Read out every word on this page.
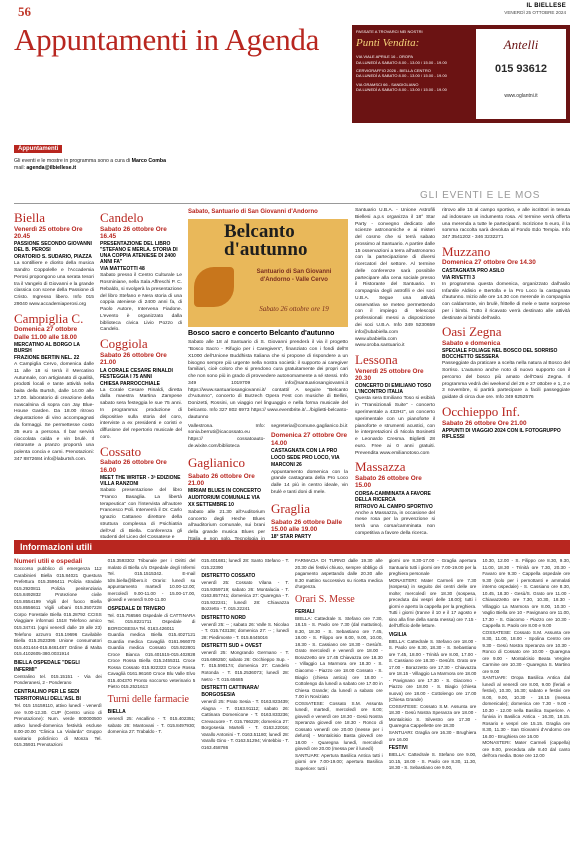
56	IL BIELLESE
VENERDÌ 25 OTTOBRE 2024
Appuntamenti in Agenda	PASSATE A TROVARCI NEI NOSTRI
Punti Vendita:
VIA VIALE APRILE 16 - OROPA
DA LUNEDÌ A SABATO 8.00 - 13.00 / 15.00 - 19.00
CERVIGRAFFIO 2026 - BIELLA CENTRO
DA LUNEDÌ A SABATO 8.00 - 13.00 / 15.00 - 19.00
VIA GRAMSCI 66 - SANDIGLIANO
DA LUNEDÌ A SABATO 8.00 - 13.00 / 15.00 - 19.00
Antelli
015 93612
www.oglantni.it
Appuntamenti
Gli eventi e le mostre in programma sono a cura di Marco Comba
mail: agenda@ilbiellese.it
GLI EVENTI E LE MOS
Biella
Venerdì 25 ottobre Ore 20.45
PASSIONE SECONDO GIOVANNI DEL B. PEROSI
ORATORIO S. SUDARIO, PIAZZA

La sontilliere e diorito della musica Sandro Coppolelle e l'Accademia Perosi propongono una serata tesori tra il Vangelo di Giovanni e la grande classica con scene della Passione di Cristo. Ingresso libero. Info 015 29040 www.accademiaperosi.org

Campiglia C.
Domenica 27 ottobre Dalle 11.00 alle 18.00
MERCATINO AL BORGO LA BURSH
FRAZIONE BERTIN NEL. 22

A Campiglia Cervo, domenica dalle 11 alle 18 si terrà il Mercatino Autunnale, con artigianato di qualità, prodotti locali e tante attività nella baita della Burtsh, dalle 14.00 alle 17.00. laboratorio di creazione della mascalnina di sopra con Jay Blue-House Garden. Da 18.00 ritrovo degustazione di vino accompagnati da formaggi. Se permettesse costo 35 euro a persona. Il bar servirà cioccolata calda e vin brulè. Il ristorante a pranzo proporrà una polenta concia e carni. Prenotazioni: 347 8872684 info@laburtsh.com.

Candelo
Sabato 26 ottobre Ore 16.45
PRESENTAZIONE DEL LIBRO "STEFANO E MERLA. STORIA DI UNA COPPIA ATENIESE DI 2400 ANNI FA"
VIA MATTEOTTI 48

Sabato presso il Centro Culturale Le Rosminiane, nella Sala Affreschi P. C. Rebaldo, si svolgerà la presentazione del libro Stefano e Nera storia di una coppia ateniese di 2400 anni fa, di Paolo Autore, Intervena Fiadone. L'evento è organizzato dalla biblioteca civica Livio Pozzo di Candelo.

Coggiola
Sabato 26 ottobre Ore 21.00
LA CORALE CESARE RINALDI FESTEGGIA I 75 ANNI
CHIESA PARROCCHIALE

La Corale Cesare Rinaldi, diretta dalla maestra Martina Zampese sabato sera festeggia le sue 75 anni. In programma: produzione di dispositive sulla storia del coro, interviste a ex presidenti e coristi e diffusione del repertorio musicale del coro.

Cossato
Sabato 26 ottobre Ore 16.00
MEET THE WRITER - 3ª EDIZIONE VILLA RANZONI

Sabato presentazione del libro "Franco Basaglia. La libertà terapeutica" con l'intervista all'autore Francesco Poli. Interverrà il Dr. Carlo Ignazio Cattaneo direttore della struttura complessa di Psichiatria dell'Asl di Biella. Conferenza gli studenti del Liceo del Cossatese e

Sabato, Santuario di San Giovanni d'Andorno
Belcanto d'autunno
Santuario di San Giovanni d'Andorno - Valle Cervo
Sabato 26 ottobre ore 19
Bosco sacro e concerto Belcanto d'autunno

Sabato alle 18 al Santuario di S. Giovanni prenderà il via il progetto "Bosco Sacro - Rifugio per i Caregivers", finanziato con i fondi dell'8 X1000 dell'Unione Buddhista Italiana che si propone di rispondere a un bisogno sempre più urgente nella nostra società: il supporto ai caregiver familiari, cioè coloro che si prendono cura gratuitamente dei propri cari che non sono più in grado di provvedere autonomamente a sé stessi. Info 349 1019709 info@santuariosangiovanni.it https://www.santuariosangiovanni.it/ contatti/ A seguire "Belcanto d'Autunno", concerto di Burzech Opera Fest con musiche di Bellini, Donizetti, Rossini, un viaggio nel linguaggio e nella forma musicale del belcanto. Info 327 802 6973 https:// www.eventbrite.it/.../biglietti-belcanto-dautunno

Vallestrona. Info: sonia.berruti@icacossato.eu https:// cossatoauto-de.wixite.com/biblioteca

Gaglianico
Sabato 26 ottobre Ore 21.00
MIRIAM BLUES IN CONCERTO AUDITORIUM COMUNALE VIA XX SETTEMBRE 10

Sabato alle 21.30 all'Auditorium concerto degli Heche Blues all'auditorium comunale, sui brani della grande musica Blues per

segreteria@comune.gaglianico.bi.it

Domenica 27 ottobre Ore 14.00
CASTAGNATA CON LA PRO LOCO SEDE PRO LOCO, VIA MARCONI 26

Appuntamento domenica con la grande castagnata della Pro Loco dalle 14 più in centro ideale, vin brulè e tanti doni di mele.

Graglia
Sabato 26 ottobre Dalle 15.00 alle 19.00
18° STAR PARTY

Santuario U.B.A. - Unione Astrofili Biellesi a.p.s organizza il 18° Star Party - convegno dedicato alle scienze astronomiche e ai misteri del cosmo che si terrà sabato prossimo al Santuario. A partire dalle 15 osservazioni a terra all'astronomo con la partecipazione di diversi ricercatori del settore. Al termine delle conferenze sarà possibile partecipare alla cena sociale presso il Ristorante del Santuario. In compagnia degli astrofili e dei soci U.B.A. Segue una attività osservativa se meteo permettendo con il impiego di telescopi professionali messi a disposizione dei soci U.B.A. Info 349 5230659 info@ubabiella.com www.ubabiella.com www.oroba.santuario.it

Lessona
Venerdì 25 ottobre Ore 20.30
CONCERTO DI EMILIANO TOSO L'INCONTRO ITALIA

Questa sera Emiliano Toso si esibirà in "Transizionali Suite" - concerto sperimentale a 432Hz", un concerto sperimentale con un pianoforte il pianoforte e strumenti acustici, con le interpretazioni di Nicola Bosinetti e Leonardo Cresma. Biglietti 28 euro. Free ai 0 anni gratuiti. Prevendita www.emilianotoso.com

Massazza
Sabato 26 ottobre Ore 15.00
CORSA-CAMMINATA A FAVORE DELLA RICERCA
RITROVO AL CAMPO SPORTIVO

Anche a Massazza, in occasione del mese rosa per la prevenzione si terrà una corsa/camminata non competitiva a favore della ricerca.

ritrovo alle 15 al campo sportivo, e alle iscrittori in tenuta ad indossare un indumento rosa. Al termine verrà offerta una merenda a tutte le partecipanti. Iscrizione 5 euro, il la somma raccolta sarà devoluta al Fondo Edo Tempia. Info 347 3541202 - 346 3232271

Muzzano
Domenica 27 ottobre Ore 14.30
CASTAGNATA PRO ASILO
VIA RIVETTI 3

In programma questa domenica, organizzato dall'asilo Infantile Aldisio e Bertolla e la Pro Loco la castagnata d'autunno. Inizio alle ore 14.30 con merende in compagnia con caldarroste, vin brulè, frittelle di mele e tante sorprese per i bimbi. Tutto il ricavato verrà destinato alle attività destinate ai bimbi dell'asilo.

Oasi Zegna
Sabato e domenica
SPECIALE FOLIAGE NEL BOSCO DEL SORRISO BOCCHETTO SESSERA

Passeggiate da praticare a scelta nella natura al Bosco del Sorriso. L'autunno anche noto di nuovo supporto con il percorso del bosco più amato dell'Oasi Zegna. Il programma vedrà dei weekend del 26 e 27 ottobre e 1, 2 e 3 novembre, si partirà partecipare a facili passeggiate guidate di circa due ore. Info 349 6252576

Occhieppo Inf.
Sabato 26 ottobre Ore 21.00
APPUNTI DI VIAGGIO 2024 CON IL FOTOGRUPPO RIFLESSI
Informazioni utili
Numeri utili e ospedali

Soccorso pubblico di emergenza 112 Carabinieri Biella 015.84021 Questura Prefettura 015.3596411 Polizia stradale 015.2920811 Polizia penitenziaria 015.8492832 Protezione civile 015.8554199 Vigili del fuoco Biella 015.8556611 Vigili urbani 015.3507228 Corpo Forestale Biella 015.28792 CCISS Viaggiare informati 1518 Telefono amico 015.34741 (ogni venerdì dalle 19 alle 23) Telefono azzurro 015.19696 Cavilabile Biella 015.2523395 Unione consumatori 015.401444-015.8461487 Ordine di Malta 015.4102605-380.0031914

BIELLA OSPEDALE "DEGLI INFERMI"

Centralino tel. 015.15151 - Via dei Ponderanesi, 2 - Ponderano

CENTRALINO PER LE SEDI TERRITORIALI DELL'ASL BI

Tel. 015 15159110, attivo lunedì - venerdì ore 9.00-12.30. CUP (Centro unico di Prenotazione): Num. verde 800000500 attivo lunedì-domenica festività escluse 8.00-20.00 "Clinica La Vialarda" Gruppo sanitario policlinico di Monza Tel. 015.35931 Prenotazioni

015.3593302 Tribunale per i Diritti del malato di Biella c/o Ospedale degli Infermi Tel. 015.1515342. E-mail tdm.biella@libero.it Orario: lunedì su appuntamento martedì 10.00-12.00; mercoledì 9.00-11.00 - 15.00-17.00, giovedì e venerdì 9.00-11.00

OSPEDALE DI TRIVERO

Tel. 015.756566 Ospedale di CATTINARA Tel. 015.8221711 Ospedale di BORGOSESIA Tel. 0163.426011

Guardia medica Biella 015.4027121 Guardia medica Cavaglià 0161.966070 Guardia medica Cossato 015.922801 Croce Bianca 015.401515-015.402828 Croce Rossa Biella 015.2455311 Croce Rossa Cossato 015.922323 Croce Rossa Cavaglià 0161.96160 Croce Blu Valle Elvo 015.404370 Pronto soccorso veterinario 5 Pietro 015.2521613

Turni delle farmacie
BIELLA

venerdì 25: Ascallino - T. 015.402351; sabato 26: Mantovani - T. 015.8497930; domenica 27: Trabaldo - T.

015.401681; lunedì 28: Santo Stefano - T. 015.22390

DISTRETTO COSSATO

venerdì 25: Cossato Vilana - T. 015.9359719; sabato 26: Montalucia - T. 0163.857741; domenica 27: Quaregna - T. 015.922241; lunedì 28: Chiavazza Bozzetto - T. 015.22241

DISTRETTO NORD

venerdì 25: -- ; sabato 26: Valle S. Nicolao - T. 015.743138; domenica 27: -- ; lunedì 28: Piedimonte - T. 015.8445016

DISTRETTI SUD + OVEST

venerdì 25: Mongrando Germano - T. 015.686250; sabato 26: Occhieppo Sup. - T. 015.590174; domenica 27: Candelo Rotonda - T. 015.2536073; lunedì 28: Netro - T. 015.65685

DISTRETTI CATTINARA/ BORGOSESIA

venerdì 25: Prato Sesia - T. 0163.823439; Alagna - T. 0163.91112; sabato 26: Cattinara Domenicone - T. 0163.833236; Crevacuore - T. 015.766229; domenica 27: Borgosesia Martelli - T. 0163.22016; Varallo Antonini - T. 0163.51180; lunedì 28: Varallo Gino - T. 0163.51294; Vintebbio - T. 0163.458786

FARMACIA DI TURNO dalle 19.30 alle 20.30 dei festivi chiuso, sempre obbligo di pagamento aspettando dalle 20.30 alle 8.30 mattino successivo su ricetta medica d'urgenza.

Orari S. Messe
FERIALI

BIELLA: Cattedrale S. Stefano ore 7.30, 18.15 - S. Paolo ore 7.30 (dal mattutino), 8.30, 18.30 - S. Sebastiano ore 7.45, 18.00 - S. Filippo ore 8.00, 9.00, 10.00, 18.30 - S. Cassiano ore 18.30 - Gesù/S. Grato mercoledì e venerdì ore 18.00 - Borazzetto ore 17.45 Chiavazza ore 18.30 - Villaggio La Marmora ore 18.30 - S. Giacomo - Piazzo ore 18.00 Cossato - S. Biagio (chiesa antica) ore 18.00 - Cottolengo da lunedì a sabato ore 17.00 in Chiesa Grande; da lunedì a sabato ore 7.00 in Noviziato

COSSATESE: Cossato S.M. Assunta lunedì, martedì, mercoledì ore 8.00; giovedì e venerdì ore 18.30 - Gesù Nostra Speranza giovedì ore 18.30 - Ronco di Cossato venerdì ore 20.00 (messe per i defunti) - Montalcisio Basta giovedì ore 18.00 - Quaregna lunedì, mercoledì giovedì ore 20.00 (messa per il lunedì)

SANTUARI: Apertura Basilica Antica tutti i giorni ore 7.00-19.00; apertura Basilica Superiore: tutti i

giorni ore 8.30-17.00 - Graglia apertura Santuario tutti i giorni ore 7.00-19.00 per la preghiera personale

MONASTERI: Mater Carmeli ore 7.30 (sospesa) in seguito dei centri delle ore molte; mercoledì ore 18.30 (sospesa, preceduta dai vespri delle 18.00); tutti i giorni e aperto la cappella per la preghiera. Tutti i giorni (tranne il 10 e il 17 agosto e sino alla fine della santa messa) ore 7.15 - dell'Ufficio delle letture.

VIGILIA

BIELLA: Cattedrale S. Stefano ore 18.00 - S. Paolo ore 8.30, 18.30 - S. Sebastiano ore 7.45, 18.00 - Trinità ore 8.00, 17.00 - S. Cassiano ore 18.30 - Gesù/S. Grato ore 17.00 - Borazzetto ore 17.30 - Chiavazza ore 18.15 - Villaggio La Marmora ore 18.00 - Pavignano ore 17.30 - S. Giacomo - Piazzo ore 18.00 - S. Biagio (chiesa nuova) ore 18.00 - Cottolengo ore 17.00 (Chiesa Grande)

COSSATESE: Cossato S.M. Assunta ore 18.30 - Gesù Nostra Speranza ore 18.00 - Montalcisio S. Silvestro ore 17.30 - Quaregna Cappellette ore 18.30

SANTUARI: Graglia ore 16.30 - Brughiera ore 16.00

FESTIVI

BIELLA: Cattedrale S. Stefano ore 9.00, 10.15, 18.00 - S. Paolo ore 8.30, 11.30, 18.30 - S. Sebastiano ore 9.00,

10.30, 12.00 - S. Filippo ore 8.30, 9.30, 11.00, 18.30 - Trinità ore 7.30, 20.30 - Favaro ore 9.30 - Cappella ospedale ore 9.30 (solo per i pernottanti e ammalati interno ospedale) - S. Cassiano ore 8.30, 10.45, 18.30 - Gesù/S. Grato ore 11.00 - Chiavazzetto ore 7.30, 10.30, 18.30 - Villaggio La Marmora ore 8.00, 10.30 - Vaglio Biella ore 10 - Pavignano ore 11.00, 17.30 - S. Giacomo - Piazzo ore 10.30 - Cappella S. Paolo ore 8.00 e 9.00

COSSATESE: Cossato S.M. Assunta ore 8.30, 11.00, 18.00 - Spolina Centro ore 9.30 - Gesù Nostra Speranza ore 10.30 - Ronco di Cossato ore 10.00 - Quaregna ore 9.00 - Montalcisio Beata Vergine Carmine ore 10.30 - Quaregna S. Martino ore 9.00

SANTUARI: Oropa Basilica Antica dal lunedì al venerdì ore 8.00, 9.00 (feriali e festivi), 10.30, 16.30; sabato e festivi ore 8.00, 9.00, 10.30 - 18.15 (messa domenicale); domenica ore 7.30 - 9.00 - 10.30 - 12.00 nella Basilica Superiore. A funivia in Basilica Antica - 16.30, 18.15. Rosario e vespri ore 15.15. Graglia ore 8.30, 11.30 - San Giovanni d'Andorno ore 16.00 - Brughiera ore 16.00

MONASTERI: Mater Carmeli (cappella) ore 9.00, preceduta alle 8.40 dal canto dell'ora media. Bose ore 12.00
